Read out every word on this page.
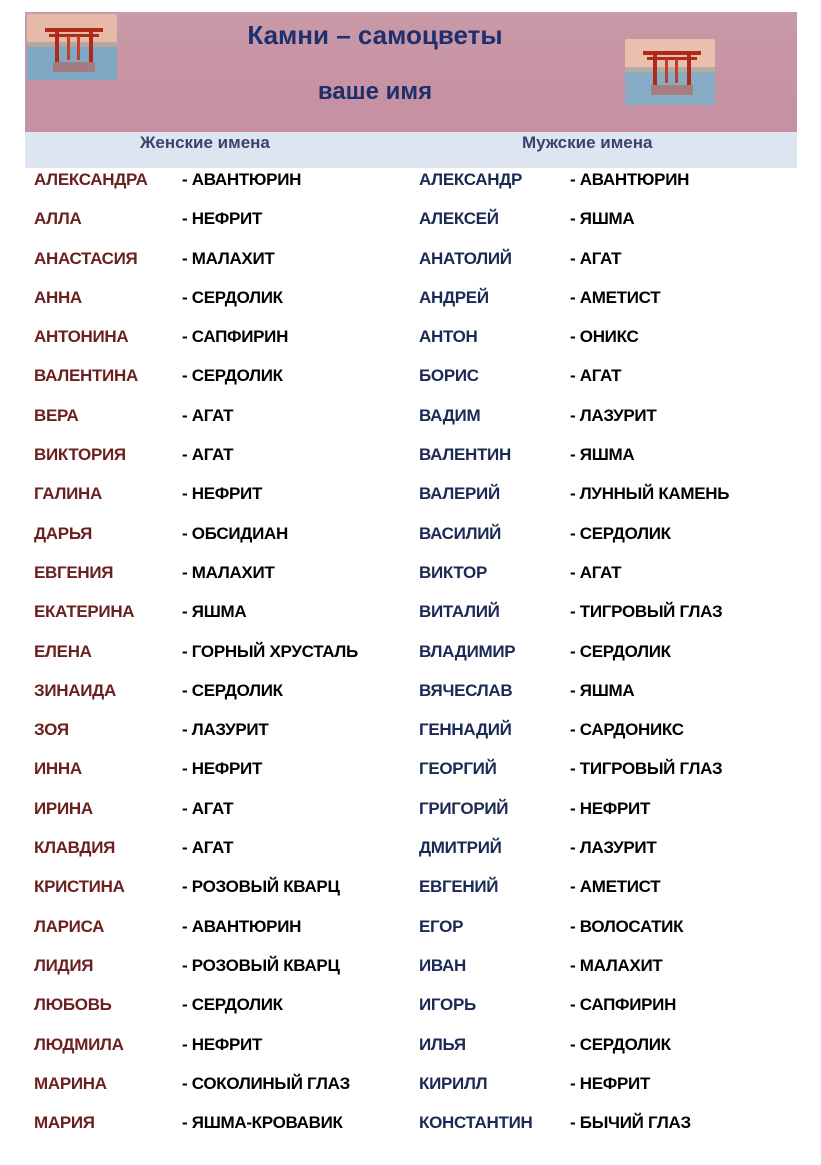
Камни – самоцветы
ваше имя
Женские имена	Мужские имена
АЛЕКСАНДРА - АВАНТЮРИН	АЛЕКСАНДР	- АВАНТЮРИН
АЛЛА	- НЕФРИТ	АЛЕКСЕЙ	- ЯШМА
АНАСТАСИЯ	- МАЛАХИТ	АНАТОЛИЙ	- АГАТ
АННА	- СЕРДОЛИК	АНДРЕЙ	- АМЕТИСТ
АНТОНИНА	- САПФИРИН	АНТОН	- ОНИКС
ВАЛЕНТИНА	- СЕРДОЛИК	БОРИС	- АГАТ
ВЕРА	- АГАТ	ВАДИМ	- ЛАЗУРИТ
ВИКТОРИЯ	- АГАТ	ВАЛЕНТИН	- ЯШМА
ГАЛИНА	- НЕФРИТ	ВАЛЕРИЙ	- ЛУННЫЙ КАМЕНЬ
ДАРЬЯ	- ОБСИДИАН	ВАСИЛИЙ	- СЕРДОЛИК
ЕВГЕНИЯ	- МАЛАХИТ	ВИКТОР	- АГАТ
ЕКАТЕРИНА	- ЯШМА	ВИТАЛИЙ	- ТИГРОВЫЙ ГЛАЗ
ЕЛЕНА	- ГОРНЫЙ ХРУСТАЛЬ	ВЛАДИМИР	- СЕРДОЛИК
ЗИНАИДА	- СЕРДОЛИК	ВЯЧЕСЛАВ	- ЯШМА
ЗОЯ	- ЛАЗУРИТ	ГЕННАДИЙ	- САРДОНИКС
ИННА	- НЕФРИТ	ГЕОРГИЙ	- ТИГРОВЫЙ ГЛАЗ
ИРИНА	- АГАТ	ГРИГОРИЙ	- НЕФРИТ
КЛАВДИЯ	- АГАТ	ДМИТРИЙ	- ЛАЗУРИТ
КРИСТИНА	- РОЗОВЫЙ КВАРЦ	ЕВГЕНИЙ	- АМЕТИСТ
ЛАРИСА	- АВАНТЮРИН	ЕГОР	- ВОЛОСАТИК
ЛИДИЯ	- РОЗОВЫЙ КВАРЦ	ИВАН	- МАЛАХИТ
ЛЮБОВЬ	- СЕРДОЛИК	ИГОРЬ	- САПФИРИН
ЛЮДМИЛА	- НЕФРИТ	ИЛЬЯ	- СЕРДОЛИК
МАРИНА	- СОКОЛИНЫЙ ГЛАЗ	КИРИЛЛ	- НЕФРИТ
МАРИЯ	- ЯШМА-КРОВАВИК	КОНСТАНТИН - БЫЧИЙ ГЛАЗ
